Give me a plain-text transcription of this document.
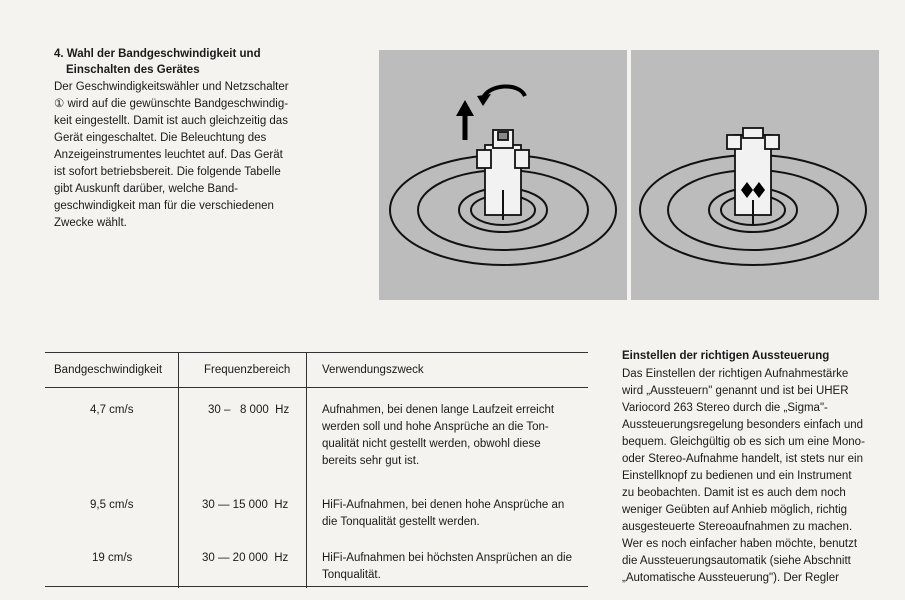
4. Wahl der Bandgeschwindigkeit und
Einschalten des Gerätes
Der Geschwindigkeitswähler und Netzschalter
① wird auf die gewünschte Bandgeschwindig-
keit eingestellt. Damit ist auch gleichzeitig das
Gerät eingeschaltet. Die Beleuchtung des
Anzeigeinstrumentes leuchtet auf. Das Gerät
ist sofort betriebsbereit. Die folgende Tabelle
gibt Auskunft darüber, welche Band-
geschwindigkeit man für die verschiedenen
Zwecke wählt.
Bandgeschwindigkeit	Frequenzbereich	Verwendungszweck
4,7 cm/s	30 –   8 000  Hz	Aufnahmen, bei denen lange Laufzeit erreicht
werden soll und hohe Ansprüche an die Ton-
qualität nicht gestellt werden, obwohl diese
bereits sehr gut ist.
9,5 cm/s	30 — 15 000  Hz	HiFi-Aufnahmen, bei denen hohe Ansprüche an
die Tonqualität gestellt werden.
19 cm/s	30 — 20 000  Hz	HiFi-Aufnahmen bei höchsten Ansprüchen an die
Tonqualität.
Einstellen der richtigen Aussteuerung
Das Einstellen der richtigen Aufnahmestärke
wird „Aussteuern" genannt und ist bei UHER
Variocord 263 Stereo durch die „Sigma"-
Aussteuerungsregelung besonders einfach und
bequem. Gleichgültig ob es sich um eine Mono-
oder Stereo-Aufnahme handelt, ist stets nur ein
Einstellknopf zu bedienen und ein Instrument
zu beobachten. Damit ist es auch dem noch
weniger Geübten auf Anhieb möglich, richtig
ausgesteuerte Stereoaufnahmen zu machen.
Wer es noch einfacher haben möchte, benutzt
die Aussteuerungsautomatik (siehe Abschnitt
„Automatische Aussteuerung"). Der Regler
